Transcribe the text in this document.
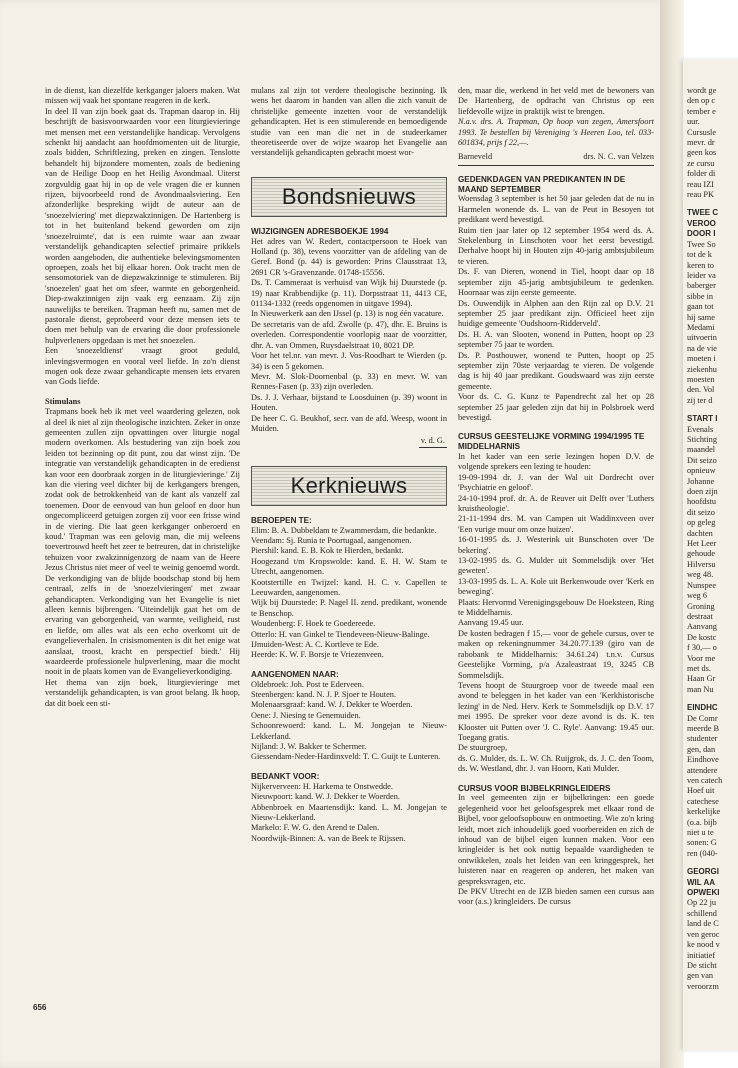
in de dienst, kan diezelfde kerkganger jaloers maken. Wat missen wij vaak het spontane reageren in de kerk.

In deel II van zijn boek gaat ds. Trapman daarop in. Hij beschrijft de basisvoorwaarden voor een liturgievieringe met mensen met een verstandelijke handicap. Vervolgens schenkt hij aandacht aan hoofdmomenten uit de liturgie, zoals bidden, Schriftlezing, preken en zingen. Tenslotte behandelt hij bijzondere momenten, zoals de bediening van de Heilige Doop en het Heilig Avondmaal. Uiterst zorgvuldig gaat hij in op de vele vragen die er kunnen rijzen, bijvoorbeeld rond de Avondmaalsviering. Een afzonderlijke bespreking wijdt de auteur aan de 'snoezelviering' met diepzwakzinnigen. De Hartenberg is tot in het buitenland bekend geworden om zijn 'snoezelruimte', dat is een ruimte waar aan zwaar verstandelijk gehandicapten selectief primaire prikkels worden aangeboden, die authentieke belevingsmomenten oproepen, zoals het bij elkaar horen. Ook tracht men de sensomotoriek van de diepzwakzinnige te stimuleren. Bij 'snoezelen' gaat het om sfeer, warmte en geborgenheid. Diep-zwakzinnigen zijn vaak erg eenzaam. Zij zijn nauwelijks te bereiken. Trapman heeft nu, samen met de pastorale dienst, geprobeerd voor deze mensen iets te doen met behulp van de ervaring die door professionele hulpverleners opgedaan is met het snoezelen.

Een 'snoezeldienst' vraagt groot geduld, inlevingsvermogen en vooral veel liefde. In zo'n dienst mogen ook deze zwaar gehandicapte mensen iets ervaren van Gods liefde.

Stimulans

Trapmans boek heb ik met veel waardering gelezen, ook al deel ik niet al zijn theologische inzichten. Zeker in onze gemeenten zullen zijn opvattingen over liturgie nogal modern overkomen. Als bestudering van zijn boek zou leiden tot bezinning op dit punt, zou dat winst zijn. 'De integratie van verstandelijk gehandicapten in de eredienst kan voor een doorbraak zorgen in de liturgievieringe.' Zij kan die viering veel dichter bij de kerkgangers brengen, zodat ook de betrokkenheid van de kant als vanzelf zal toenemen. Door de eenvoud van hun geloof en door hun ongecompliceerd getuigen zorgen zij voor een frisse wind in de viering. Die laat geen kerkganger onberoerd en koud.' Trapman was een gelovig man, die mij weleens toevertrouwd heeft het zeer te betreuren, dat in christelijke tehuizen voor zwakzinnigenzorg de naam van de Heere Jezus Christus niet meer of veel te weinig genoemd wordt. De verkondiging van de blijde boodschap stond bij hem centraal, zelfs in de 'snoezelvieringen' met zwaar gehandicapten. Verkondiging van het Evangelie is niet alleen kennis bijbrengen. 'Uiteindelijk gaat het om de ervaring van geborgenheid, van warmte, veiligheid, rust en liefde, om alles wat als een echo overkomt uit de evangelieverhalen. In crisismomenten is dit het enige wat aanslaat, troost, kracht en perspectief biedt.' Hij waardeerde professionele hulpverlening, maar die mocht nooit in de plaats komen van de Evangelieverkondiging.

Het thema van zijn boek, liturgievieringe met verstandelijk gehandicapten, is van groot belang. Ik hoop, dat dit boek een sti-

mulans zal zijn tot verdere theologische bezinning. Ik wens het daarom in handen van allen die zich vanuit de christelijke gemeente inzetten voor de verstandelijk gehandicapten. Het is een stimulerende en bemoedigende studie van een man die net in de studeerkamer theoretiseerde over de wijze waarop het Evangelie aan verstandelijk gehandicapten gebracht moest wor-

Bondsnieuws

WIJZIGINGEN ADRESBOEKJE 1994

Het adres van W. Redert, contactpersoon te Hoek van Holland (p. 38), tevens voorzitter van de afdeling van de Geref. Bond (p. 44) is geworden: Prins Clausstraat 13, 2691 CR 's-Gravenzande. 01748-15556.

Ds. T. Cammeraat is verhuisd van Wijk bij Duurstede (p. 19) naar Krabbendijke (p. 11). Dorpsstraat 11, 4413 CE, 01134-1332 (reeds opgenomen in uitgave 1994).

In Nieuwerkerk aan den IJssel (p. 13) is nog één vacature.

De secretaris van de afd. Zwolle (p. 47), dhr. E. Bruins is overleden. Correspondentie voorlopig naar de voorzitter, dhr. A. van Ommen, Ruysdaelstraat 10, 8021 DP.

Voor het tel.nr. van mevr. J. Vos-Roodhart te Wierden (p. 34) is een 5 gekomen.

Mevr. M. Slok-Doornenbal (p. 33) en mevr. W. van Rennes-Fasen (p. 33) zijn overleden.

Ds. J. J. Verhaar, bijstand te Loosduinen (p. 39) woont in Houten.

De heer C. G. Beukhof, secr. van de afd. Weesp, woont in Muiden.

v. d. G.
Kerknieuws

BEROEPEN TE:

Elim: B. A. Dubbeldam te Zwammerdam, die bedankte.

Veendam: Sj. Runia te Poortugaal, aangenomen.

Piershil: kand. E. B. Kok te Hierden, bedankt.

Hoogezand t/m Kropswolde: kand. E. H. W. Stam te Utrecht, aangenomen.

Kootstertille en Twijzel: kand. H. C. v. Capellen te Leeuwarden, aangenomen.

Wijk bij Duurstede: P. Nagel II. zend. predikant, wonende te Benschop.

Woudenberg: F. Hoek te Goedereede.

Otterlo: H. van Ginkel te Tiendeveen-Nieuw-Balinge.

IJmuiden-West: A. C. Kortleve te Ede.

Heerde: K. W. F. Borsje te Vriezenveen.

AANGENOMEN NAAR:

Oldebroek: Joh. Post te Ederveen.

Steenbergen: kand. N. J. P. Sjoer te Houten.

Molenaarsgraaf: kand. W. J. Dekker te Woerden.

Oene: J. Niesing te Genemuiden.

Schoonrewoerd: kand. L. M. Jongejan te Nieuw-Lekkerland.

Nijland: J. W. Bakker te Schermer.

Giessendam-Neder-Hardinxveld: T. C. Guijt te Lunteren.

BEDANKT VOOR:

Nijkerverveen: H. Harkema te Onstwedde.

Nieuwpoort: kand. W. J. Dekker te Woerden.

Abbenbroek en Maartensdijk: kand. L. M. Jongejan te Nieuw-Lekkerland.

Markelo: F. W. G. den Arend te Dalen.

Noordwijk-Binnen: A. van de Beek te Rijssen.

den, maar die, werkend in het veld met de bewoners van De Hartenberg, de opdracht van Christus op een liefdevolle wijze in praktijk wist te brengen.

N.a.v. drs. A. Trapman, Op hoop van zegen, Amersfoort 1993. Te bestellen bij Vereniging 's Heeren Loo, tel. 033-601834, prijs f 22,—.

Barneveld	drs. N. C. van Velzen

GEDENKDAGEN VAN PREDIKANTEN IN DE MAAND SEPTEMBER

Woensdag 3 september is het 50 jaar geleden dat de nu in Harmelen wonende ds. L. van de Peut in Besoyen tot predikant werd bevestigd.

Ruim tien jaar later op 12 september 1954 werd ds. A. Stekelenburg in Linschoten voor het eerst bevestigd. Derhalve hoopt hij in Houten zijn 40-jarig ambtsjubileum te vieren.

Ds. F. van Dieren, wonend in Tiel, hoopt daar op 18 september zijn 45-jarig ambtsjubileum te gedenken. Hoornaar was zijn eerste gemeente.

Ds. Ouwendijk in Alphen aan den Rijn zal op D.V. 21 september 25 jaar predikant zijn. Officieel heet zijn huidige gemeente 'Oudshoorn-Ridderveld'.

Ds. H. A. van Slooten, wonend in Putten, hoopt op 23 september 75 jaar te worden.

Ds. P. Posthouwer, wonend te Putten, hoopt op 25 september zijn 70ste verjaardag te vieren. De volgende dag is hij 40 jaar predikant. Goudswaard was zijn eerste gemeente.

Voor ds. C. G. Kunz te Papendrecht zal het op 28 september 25 jaar geleden zijn dat hij in Polsbroek werd bevestigd.

CURSUS GEESTELIJKE VORMING 1994/1995 TE MIDDELHARNIS

In het kader van een serie lezingen hopen D.V. de volgende sprekers een lezing te houden:

19-09-1994 dr. J. van der Wal uit Dordrecht over 'Psychiatrie en geloof'.

24-10-1994 prof. dr. A. de Reuver uit Delft over 'Luthers kruistheologie'.

21-11-1994 drs. M. van Campen uit Waddinxveen over 'Een vurige muur om onze huizen'.

16-01-1995 ds. J. Westerink uit Bunschoten over 'De bekering'.

13-02-1995 ds. G. Mulder uit Sommelsdijk over 'Het geweten'.

13-03-1995 ds. L. A. Kole uit Berkenwoude over 'Kerk en beweging'.

Plaats: Hervormd Verenigingsgebouw De Hoeksteen, Ring te Middelharnis.

Aanvang 19.45 uur.

De kosten bedragen f 15,— voor de gehele cursus, over te maken op rekeningnummer 34.20.77.139 (giro van de rabobank te Middelharnis: 34.61.24) t.n.v. Cursus Geestelijke Vorming, p/a Azaleastraat 19, 3245 CB Sommelsdijk.

Tevens hoopt de Stuurgroep voor de tweede maal een avond te beleggen in het kader van een 'Kerkhistorische lezing' in de Ned. Herv. Kerk te Sommelsdijk op D.V. 17 mei 1995. De spreker voor deze avond is ds. K. ten Klooster uit Putten over 'J. C. Ryle'. Aanvang: 19.45 uur. Toegang gratis.

De stuurgroep,

ds. G. Mulder, ds. L. W. Ch. Ruijgrok, ds. J. C. den Toom, ds. W. Westland, dhr. J. van Hoorn, Kati Mulder.

CURSUS VOOR BIJBELKRINGLEIDERS

In veel gemeenten zijn er bijbelkringen: een goede gelegenheid voor het geloofsgesprek met elkaar rond de Bijbel, voor geloofsopbouw en ontmoeting. Wie zo'n kring leidt, moet zich inhoudelijk goed voorbereiden en zich de inhoud van de bijbel eigen kunnen maken. Voor een kringleider is het ook nuttig bepaalde vaardigheden te ontwikkelen, zoals het leiden van een kringgesprek, het luisteren naar en reageren op anderen, het maken van gespreksvragen, etc.

De PKV Utrecht en de IZB bieden samen een cursus aan voor (a.s.) kringleiders. De cursus

656
wordt ge
den op c
tember e
uur.
Cursusle
mevr. dr
geen kos
ze cursu
folder di
reau IZI
reau PK
TWEE C
VEROO
DOOR I
Twee So
tot de k
keren to
leider va
baberger
sibbe in
gaan tot
hij same
Medami
uitvoerin
na de vie
moeten i
ziekenhu
moesten
den. Vol
zij ter d
START I
Evenals
Stichting
maandel
Dit seizo
opnieuw
Johanne
doen zijn
hoofdstu
dit seizo
op geleg
dachten
Het Leer
gehoude
Hilversu
weg 48.
Nunspee
weg 6
Groning
destraat
Aanvang
De kostc
f 30,— o
Voor me
met ds.
Haan Gr
man Nu
EINDHC
De Comr
meerde B
studenter
gen, dan
Eindhove
attendere
ven catech
Hoef uit
catechese
kerkelijke
(o.a. bijb
niet u te
sonen: G
ren (040-
GEORGI
WIL AA
OPWEKI
Op 22 ju
schillend
land de C
ven geroc
ke nood v
initiatief
De sticht
gen van
veroorzm
